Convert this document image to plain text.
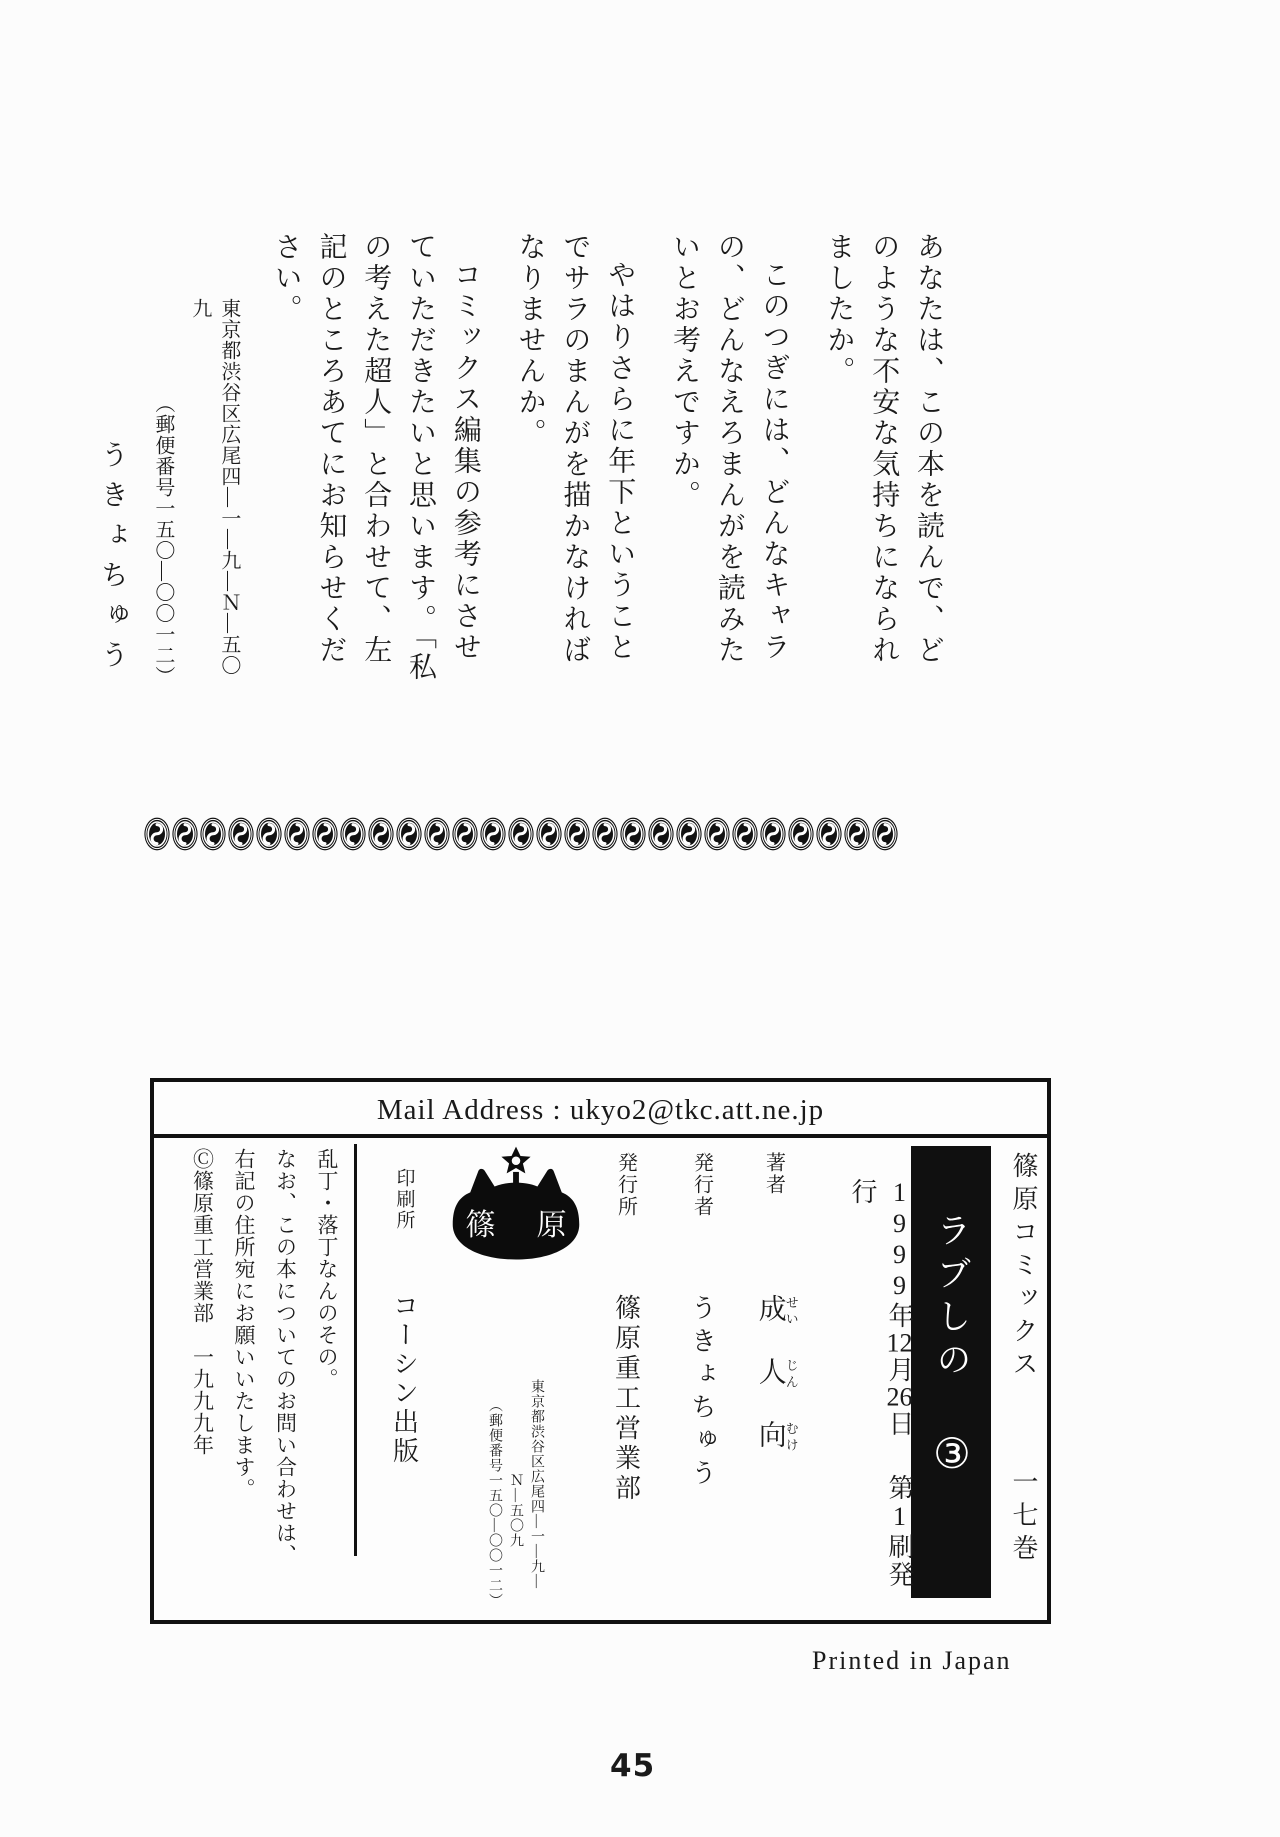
あなたは、この本を読んで、どのような不安な気持ちになられましたか。

このつぎには、どんなキャラの、どんなえろまんがを読みたいとお考えですか。

やはりさらに年下ということでサラのまんがを描かなければなりませんか。

コミックス編集の参考にさせていただきたいと思います。「私の考えた超人」と合わせて、左記のところあてにお知らせください。

東京都渋谷区広尾四―一―九―Ｎ―五〇九

（郵便番号一五〇―〇〇一二）

うきょちゅう

Mail Address : ukyo2@tkc.att.ne.jp
篠原コミックス
一七巻
ラブしの
③
1999年12月26日第1刷発行
著者
成せい人じん向むけ
発行者
うきょちゅう
発行所
篠原重工営業部

東京都渋谷区広尾四―一―九―

Ｎ―五〇九

（郵便番号一五〇―〇〇一二）

篠原
印刷所
コーシン出版

乱丁・落丁なんのその。

なお、この本についてのお問い合わせは、

右記の住所宛にお願いいたします。

Ⓒ篠原重工営業部　一九九九年

Printed in Japan
45
